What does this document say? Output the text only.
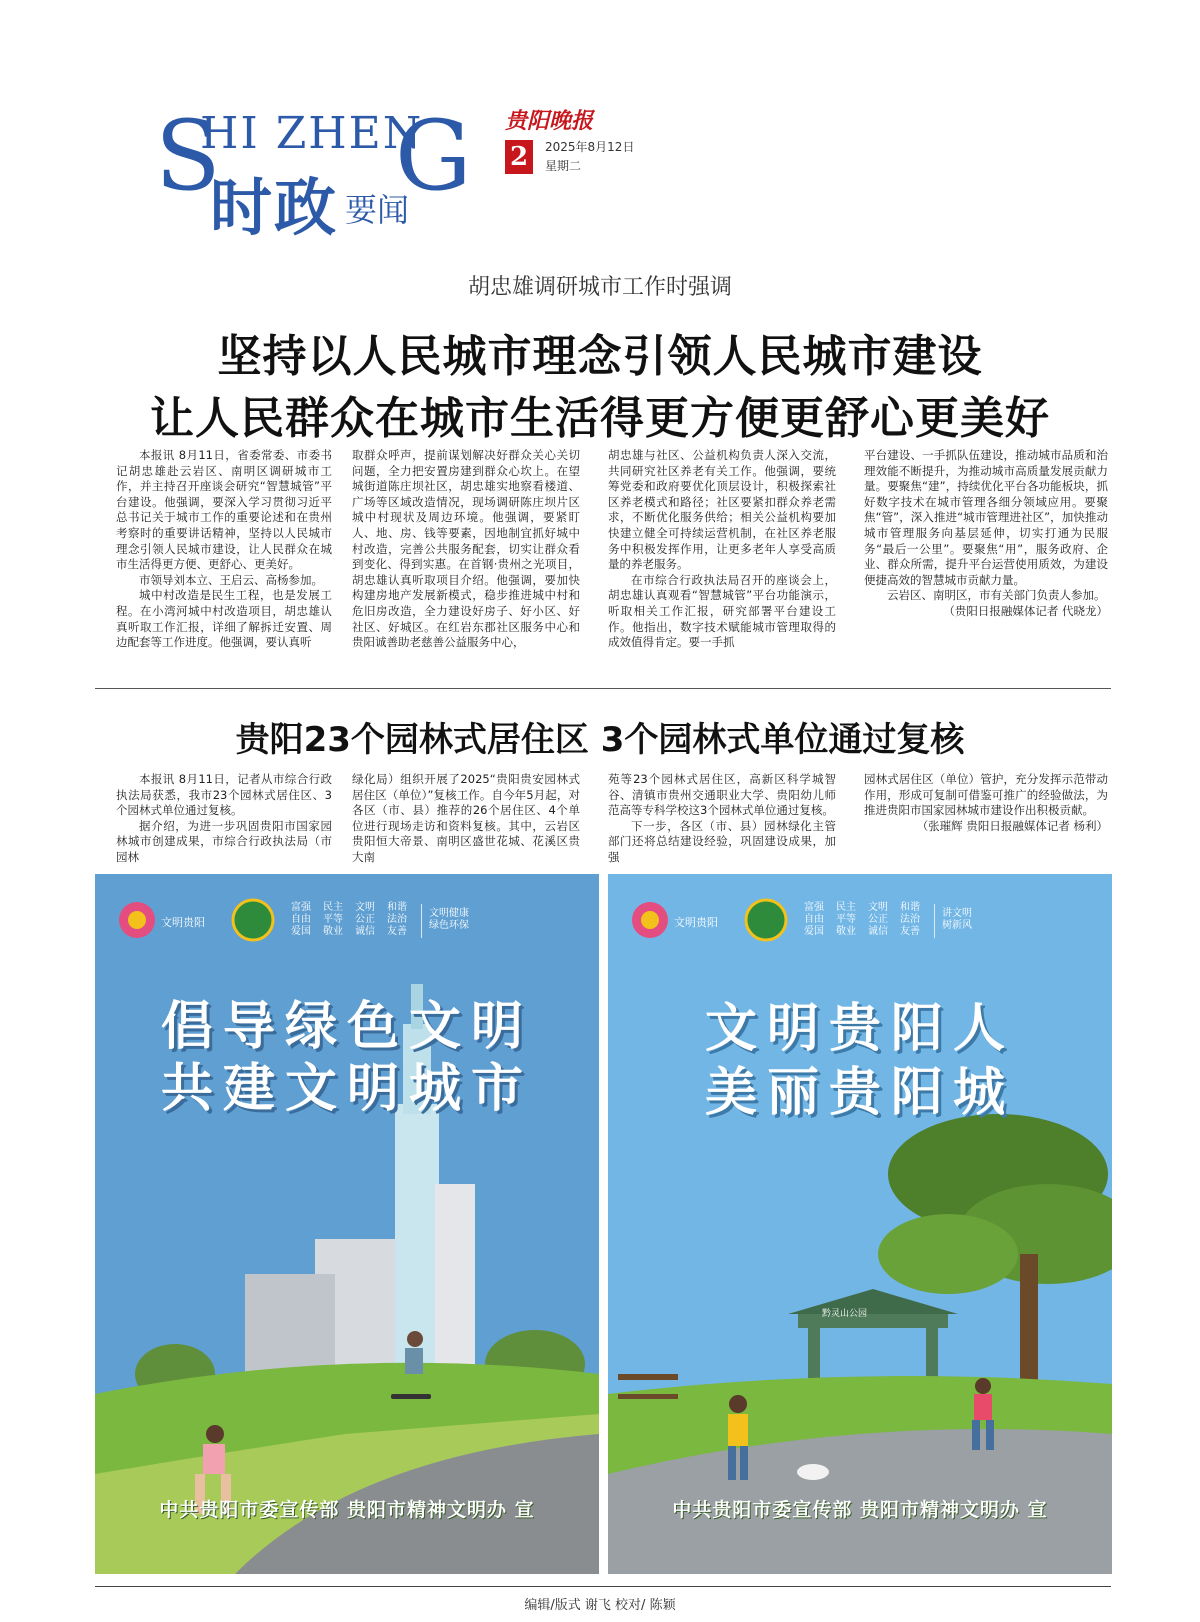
S
HI ZHEN
G
时政 要闻
贵阳晚报
2	2025年8月12日
星期二
胡忠雄调研城市工作时强调
坚持以人民城市理念引领人民城市建设
让人民群众在城市生活得更方便更舒心更美好

本报讯 8月11日，省委常委、市委书记胡忠雄赴云岩区、南明区调研城市工作，并主持召开座谈会研究“智慧城管”平台建设。他强调，要深入学习贯彻习近平总书记关于城市工作的重要论述和在贵州考察时的重要讲话精神，坚持以人民城市理念引领人民城市建设，让人民群众在城市生活得更方便、更舒心、更美好。

市领导刘本立、王启云、高杨参加。

城中村改造是民生工程，也是发展工程。在小湾河城中村改造项目，胡忠雄认真听取工作汇报，详细了解拆迁安置、周边配套等工作进度。他强调，要认真听

取群众呼声，提前谋划解决好群众关心关切问题，全力把安置房建到群众心坎上。在望城街道陈庄坝社区，胡忠雄实地察看楼道、广场等区域改造情况，现场调研陈庄坝片区城中村现状及周边环境。他强调，要紧盯人、地、房、钱等要素，因地制宜抓好城中村改造，完善公共服务配套，切实让群众看到变化、得到实惠。在首钢·贵州之光项目，胡忠雄认真听取项目介绍。他强调，要加快构建房地产发展新模式，稳步推进城中村和危旧房改造，全力建设好房子、好小区、好社区、好城区。在红岩东郡社区服务中心和贵阳诚善助老慈善公益服务中心，

胡忠雄与社区、公益机构负责人深入交流，共同研究社区养老有关工作。他强调，要统筹党委和政府要优化顶层设计，积极探索社区养老模式和路径；社区要紧扣群众养老需求，不断优化服务供给；相关公益机构要加快建立健全可持续运营机制，在社区养老服务中积极发挥作用，让更多老年人享受高质量的养老服务。

在市综合行政执法局召开的座谈会上，胡忠雄认真观看“智慧城管”平台功能演示，听取相关工作汇报，研究部署平台建设工作。他指出，数字技术赋能城市管理取得的成效值得肯定。要一手抓

平台建设、一手抓队伍建设，推动城市品质和治理效能不断提升，为推动城市高质量发展贡献力量。要聚焦“建”，持续优化平台各功能板块，抓好数字技术在城市管理各细分领域应用。要聚焦“管”，深入推进“城市管理进社区”，加快推动城市管理服务向基层延伸，切实打通为民服务“最后一公里”。要聚焦“用”，服务政府、企业、群众所需，提升平台运营使用质效，为建设便捷高效的智慧城市贡献力量。

云岩区、南明区，市有关部门负责人参加。

（贵阳日报融媒体记者 代晓龙）

贵阳23个园林式居住区 3个园林式单位通过复核

本报讯 8月11日，记者从市综合行政执法局获悉，我市23个园林式居住区、3个园林式单位通过复核。

据介绍，为进一步巩固贵阳市国家园林城市创建成果，市综合行政执法局（市园林

绿化局）组织开展了2025“贵阳贵安园林式居住区（单位）”复核工作。自今年5月起，对各区（市、县）推荐的26个居住区、4个单位进行现场走访和资料复核。其中，云岩区贵阳恒大帝景、南明区盛世花城、花溪区贵大南

苑等23个园林式居住区，高新区科学城智谷、清镇市贵州交通职业大学、贵阳幼儿师范高等专科学校这3个园林式单位通过复核。

下一步，各区（市、县）园林绿化主管部门还将总结建设经验，巩固建设成果，加强

园林式居住区（单位）管护，充分发挥示范带动作用，形成可复制可借鉴可推广的经验做法，为推进贵阳市国家园林城市建设作出积极贡献。

（张璀辉 贵阳日报融媒体记者 杨利）

文明贵阳
富强
自由
爱国
民主
平等
敬业
文明
公正
诚信
和谐
法治
友善
文明健康
绿色环保
倡导绿色文明
共建文明城市
中共贵阳市委宣传部 贵阳市精神文明办 宣
文明贵阳
富强
自由
爱国
民主
平等
敬业
文明
公正
诚信
和谐
法治
友善
讲文明
树新风
文明贵阳人
美丽贵阳城
黔灵山公园
中共贵阳市委宣传部 贵阳市精神文明办 宣
编辑/版式 谢飞 校对/ 陈颖
